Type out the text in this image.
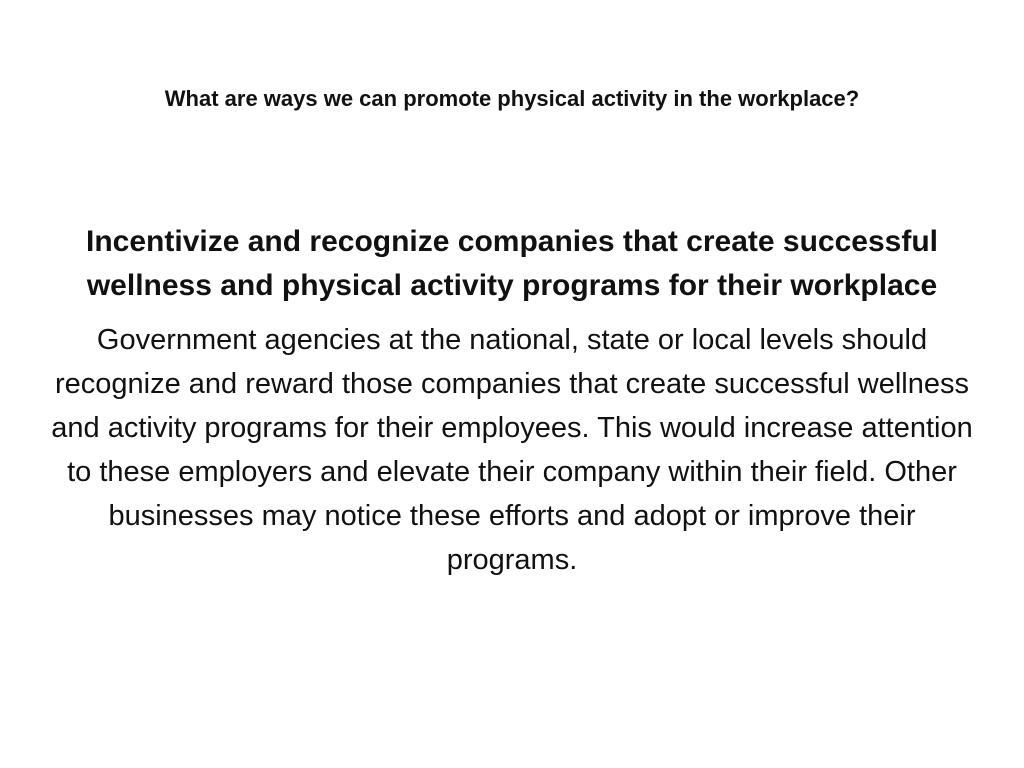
What are ways we can promote physical activity in the workplace?
Incentivize and recognize companies that create successful wellness and physical activity programs for their workplace
Government agencies at the national, state or local levels should recognize and reward those companies that create successful wellness and activity programs for their employees. This would increase attention to these employers and elevate their company within their field. Other businesses may notice these efforts and adopt or improve their programs.
